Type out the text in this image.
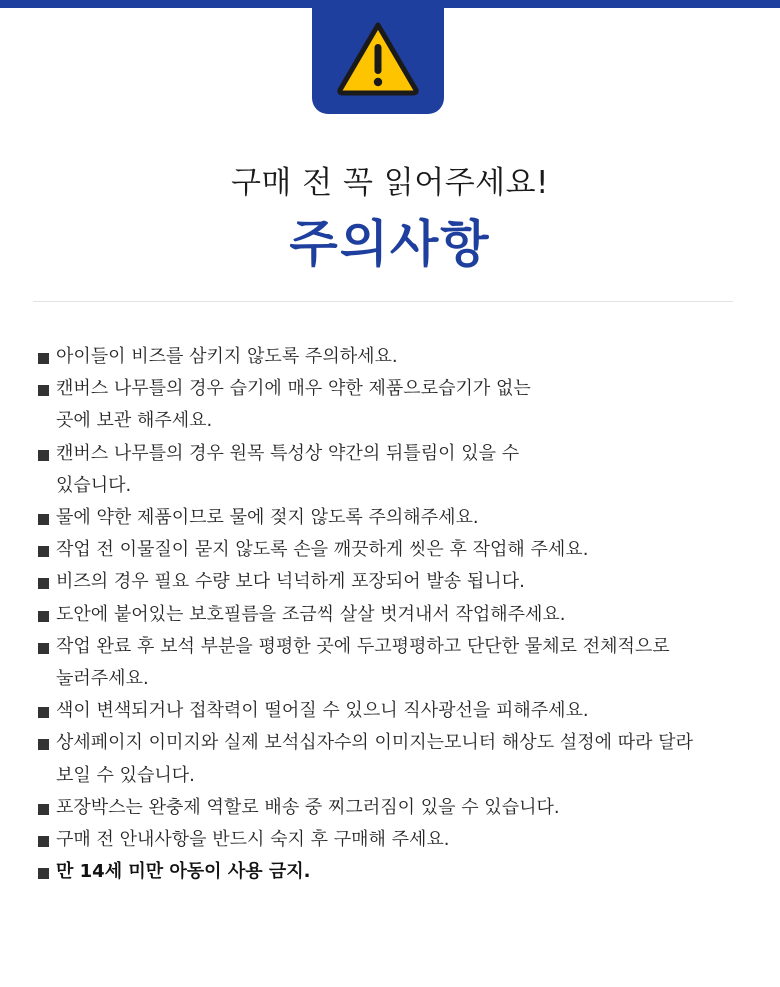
구매 전 꼭 읽어주세요!
주의사항
아이들이 비즈를 삼키지 않도록 주의하세요.
캔버스 나무틀의 경우 습기에 매우 약한 제품으로습기가 없는
곳에 보관 해주세요.
캔버스 나무틀의 경우 원목 특성상 약간의 뒤틀림이 있을 수
있습니다.
물에 약한 제품이므로 물에 젖지 않도록 주의해주세요.
작업 전 이물질이 묻지 않도록 손을 깨끗하게 씻은 후 작업해 주세요.
비즈의 경우 필요 수량 보다 넉넉하게 포장되어 발송 됩니다.
도안에 붙어있는 보호필름을 조금씩 살살 벗겨내서 작업해주세요.
작업 완료 후 보석 부분을 평평한 곳에 두고평평하고 단단한 물체로 전체적으로
눌러주세요.
색이 변색되거나 접착력이 떨어질 수 있으니 직사광선을 피해주세요.
상세페이지 이미지와 실제 보석십자수의 이미지는모니터 해상도 설정에 따라 달라
보일 수 있습니다.
포장박스는 완충제 역할로 배송 중 찌그러짐이 있을 수 있습니다.
구매 전 안내사항을 반드시 숙지 후 구매해 주세요.
만 14세 미만 아동이 사용 금지.
